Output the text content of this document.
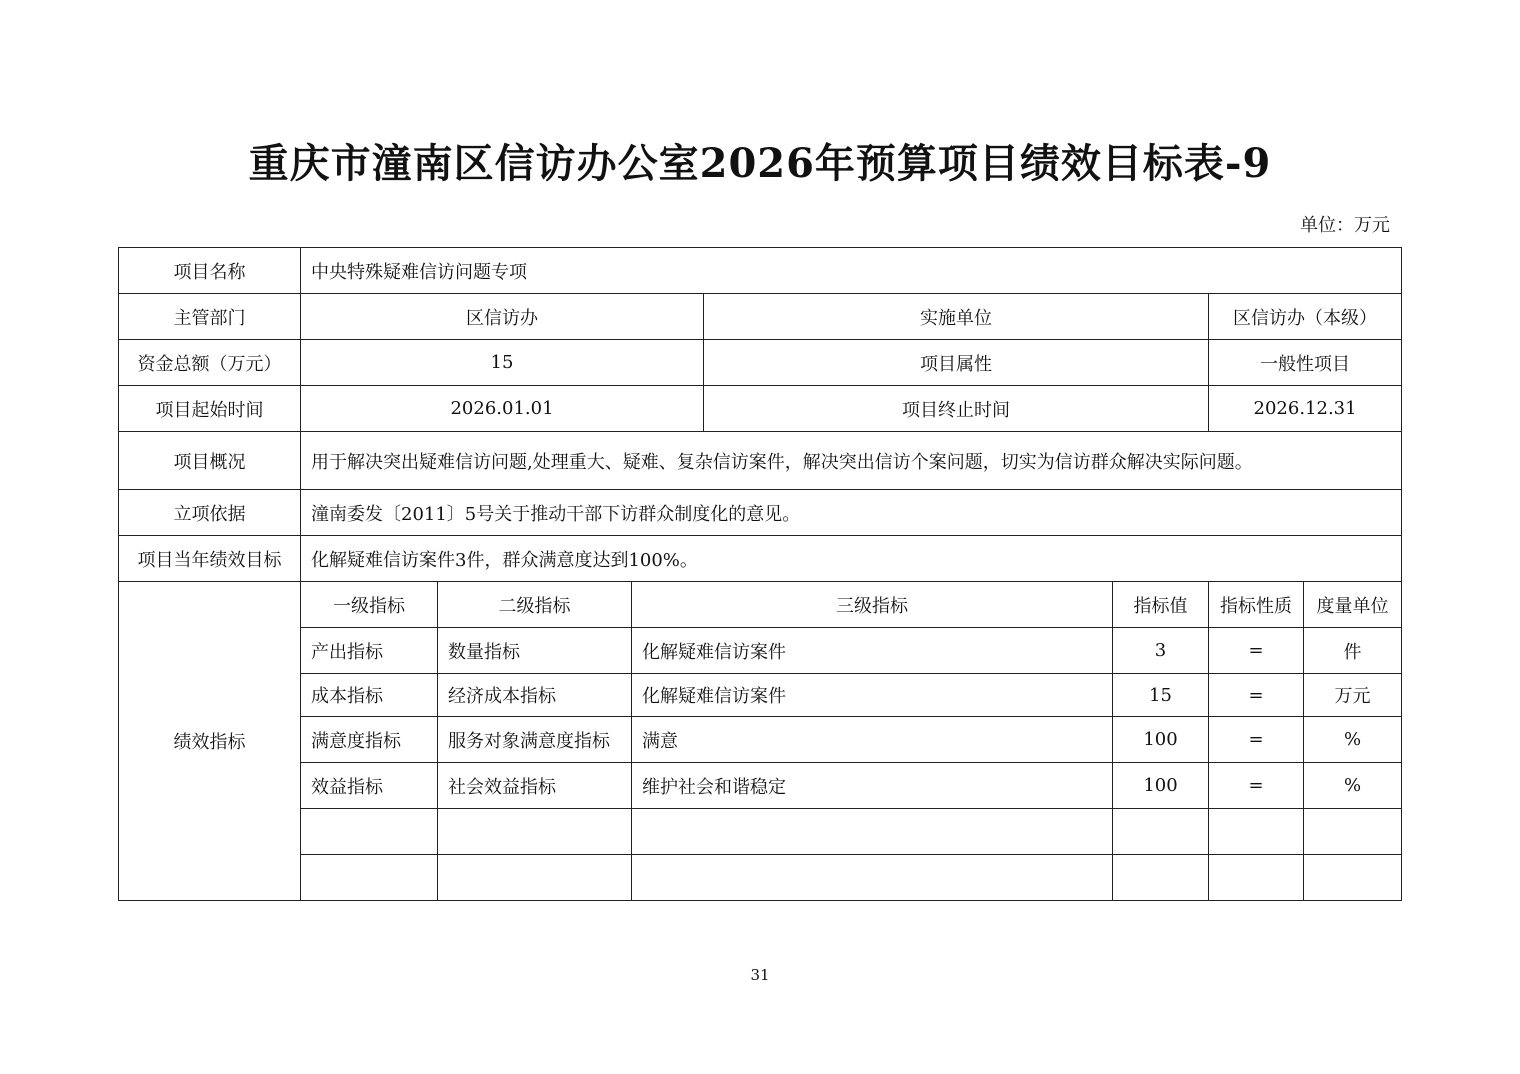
重庆市潼南区信访办公室2026年预算项目绩效目标表-9
单位：万元
项目名称	中央特殊疑难信访问题专项						
主管部门	区信访办			实施单位		区信访办（本级）	
资金总额（万元）	15			项目属性		一般性项目	
项目起始时间	2026.01.01			项目终止时间		2026.12.31	
项目概况	用于解决突出疑难信访问题,处理重大、疑难、复杂信访案件，解决突出信访个案问题，切实为信访群众解决实际问题。						
立项依据	潼南委发〔2011〕5号关于推动干部下访群众制度化的意见。						
项目当年绩效目标	化解疑难信访案件3件，群众满意度达到100%。						
绩效指标	一级指标	二级指标	三级指标		指标值	指标性质	度量单位
	产出指标	数量指标	化解疑难信访案件		3	=	件
	成本指标	经济成本指标	化解疑难信访案件		15	=	万元
	满意度指标	服务对象满意度指标	满意		100	=	%
	效益指标	社会效益指标	维护社会和谐稳定		100	=	%

31
